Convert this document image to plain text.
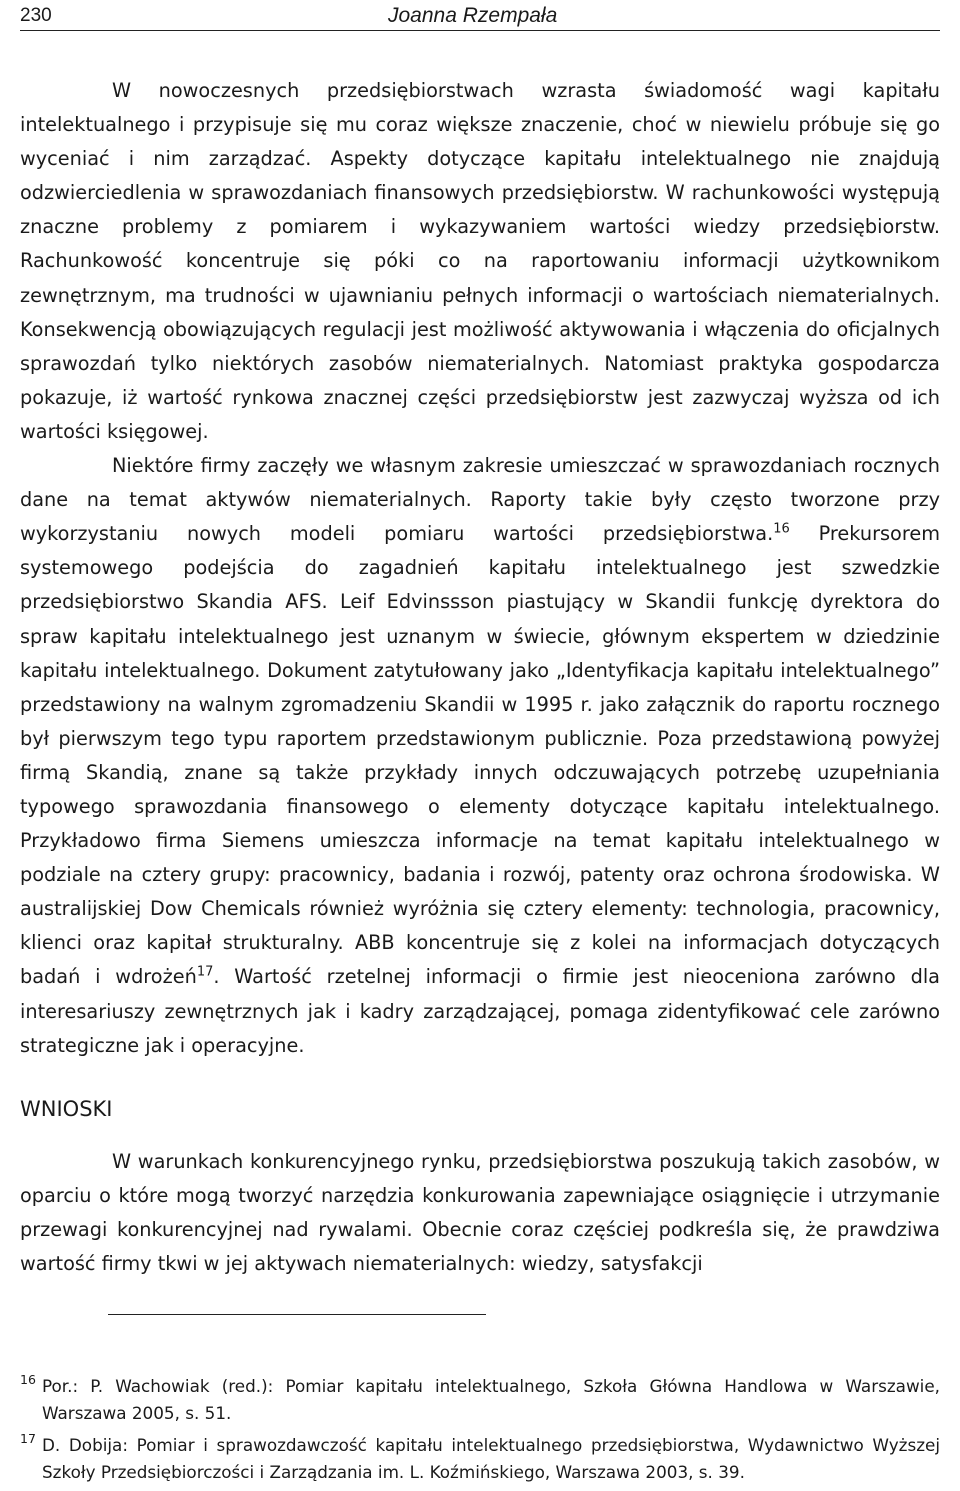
230	Joanna Rzempała

W nowoczesnych przedsiębiorstwach wzrasta świadomość wagi kapitału intelektualnego i przypisuje się mu coraz większe znaczenie, choć w niewielu próbuje się go wyceniać i nim zarządzać. Aspekty dotyczące kapitału intelektualnego nie znajdują odzwierciedlenia w sprawozdaniach finansowych przedsiębiorstw. W rachunkowości występują znaczne problemy z pomiarem i wykazywaniem wartości wiedzy przedsiębiorstw. Rachunkowość koncentruje się póki co na raportowaniu informacji użytkownikom zewnętrznym, ma trudności w ujawnianiu pełnych informacji o wartościach niematerialnych. Konsekwencją obowiązujących regulacji jest możliwość aktywowania i włączenia do oficjalnych sprawozdań tylko niektórych zasobów niematerialnych. Natomiast praktyka gospodarcza pokazuje, iż wartość rynkowa znacznej części przedsiębiorstw jest zazwyczaj wyższa od ich wartości księgowej.

Niektóre firmy zaczęły we własnym zakresie umieszczać w sprawozdaniach rocznych dane na temat aktywów niematerialnych. Raporty takie były często tworzone przy wykorzystaniu nowych modeli pomiaru wartości przedsiębiorstwa.$^{16}$ Prekursorem systemowego podejścia do zagadnień kapitału intelektualnego jest szwedzkie przedsiębiorstwo Skandia AFS. Leif Edvinssson piastujący w Skandii funkcję dyrektora do spraw kapitału intelektualnego jest uznanym w świecie, głównym ekspertem w dziedzinie kapitału intelektualnego. Dokument zatytułowany jako „Identyfikacja kapitału intelektualnego” przedstawiony na walnym zgromadzeniu Skandii w 1995 r. jako załącznik do raportu rocznego był pierwszym tego typu raportem przedstawionym publicznie. Poza przedstawioną powyżej firmą Skandią, znane są także przykłady innych odczuwających potrzebę uzupełniania typowego sprawozdania finansowego o elementy dotyczące kapitału intelektualnego. Przykładowo firma Siemens umieszcza informacje na temat kapitału intelektualnego w podziale na cztery grupy: pracownicy, badania i rozwój, patenty oraz ochrona środowiska. W australijskiej Dow Chemicals również wyróżnia się cztery elementy: technologia, pracownicy, klienci oraz kapitał strukturalny. ABB koncentruje się z kolei na informacjach dotyczących badań i wdrożeń$^{17}$. Wartość rzetelnej informacji o firmie jest nieoceniona zarówno dla interesariuszy zewnętrznych jak i kadry zarządzającej, pomaga zidentyfikować cele zarówno strategiczne jak i operacyjne.

WNIOSKI

W warunkach konkurencyjnego rynku, przedsiębiorstwa poszukują takich zasobów, w oparciu o które mogą tworzyć narzędzia konkurowania zapewniające osiągnięcie i utrzymanie przewagi konkurencyjnej nad rywalami. Obecnie coraz częściej podkreśla się, że prawdziwa wartość firmy tkwi w jej aktywach niematerialnych: wiedzy, satysfakcji

16 Por.: P. Wachowiak (red.): Pomiar kapitału intelektualnego, Szkoła Główna Handlowa w Warszawie, Warszawa 2005, s. 51.

17 D. Dobija: Pomiar i sprawozdawczość kapitału intelektualnego przedsiębiorstwa, Wydawnictwo Wyższej Szkoły Przedsiębiorczości i Zarządzania im. L. Koźmińskiego, Warszawa 2003, s. 39.
